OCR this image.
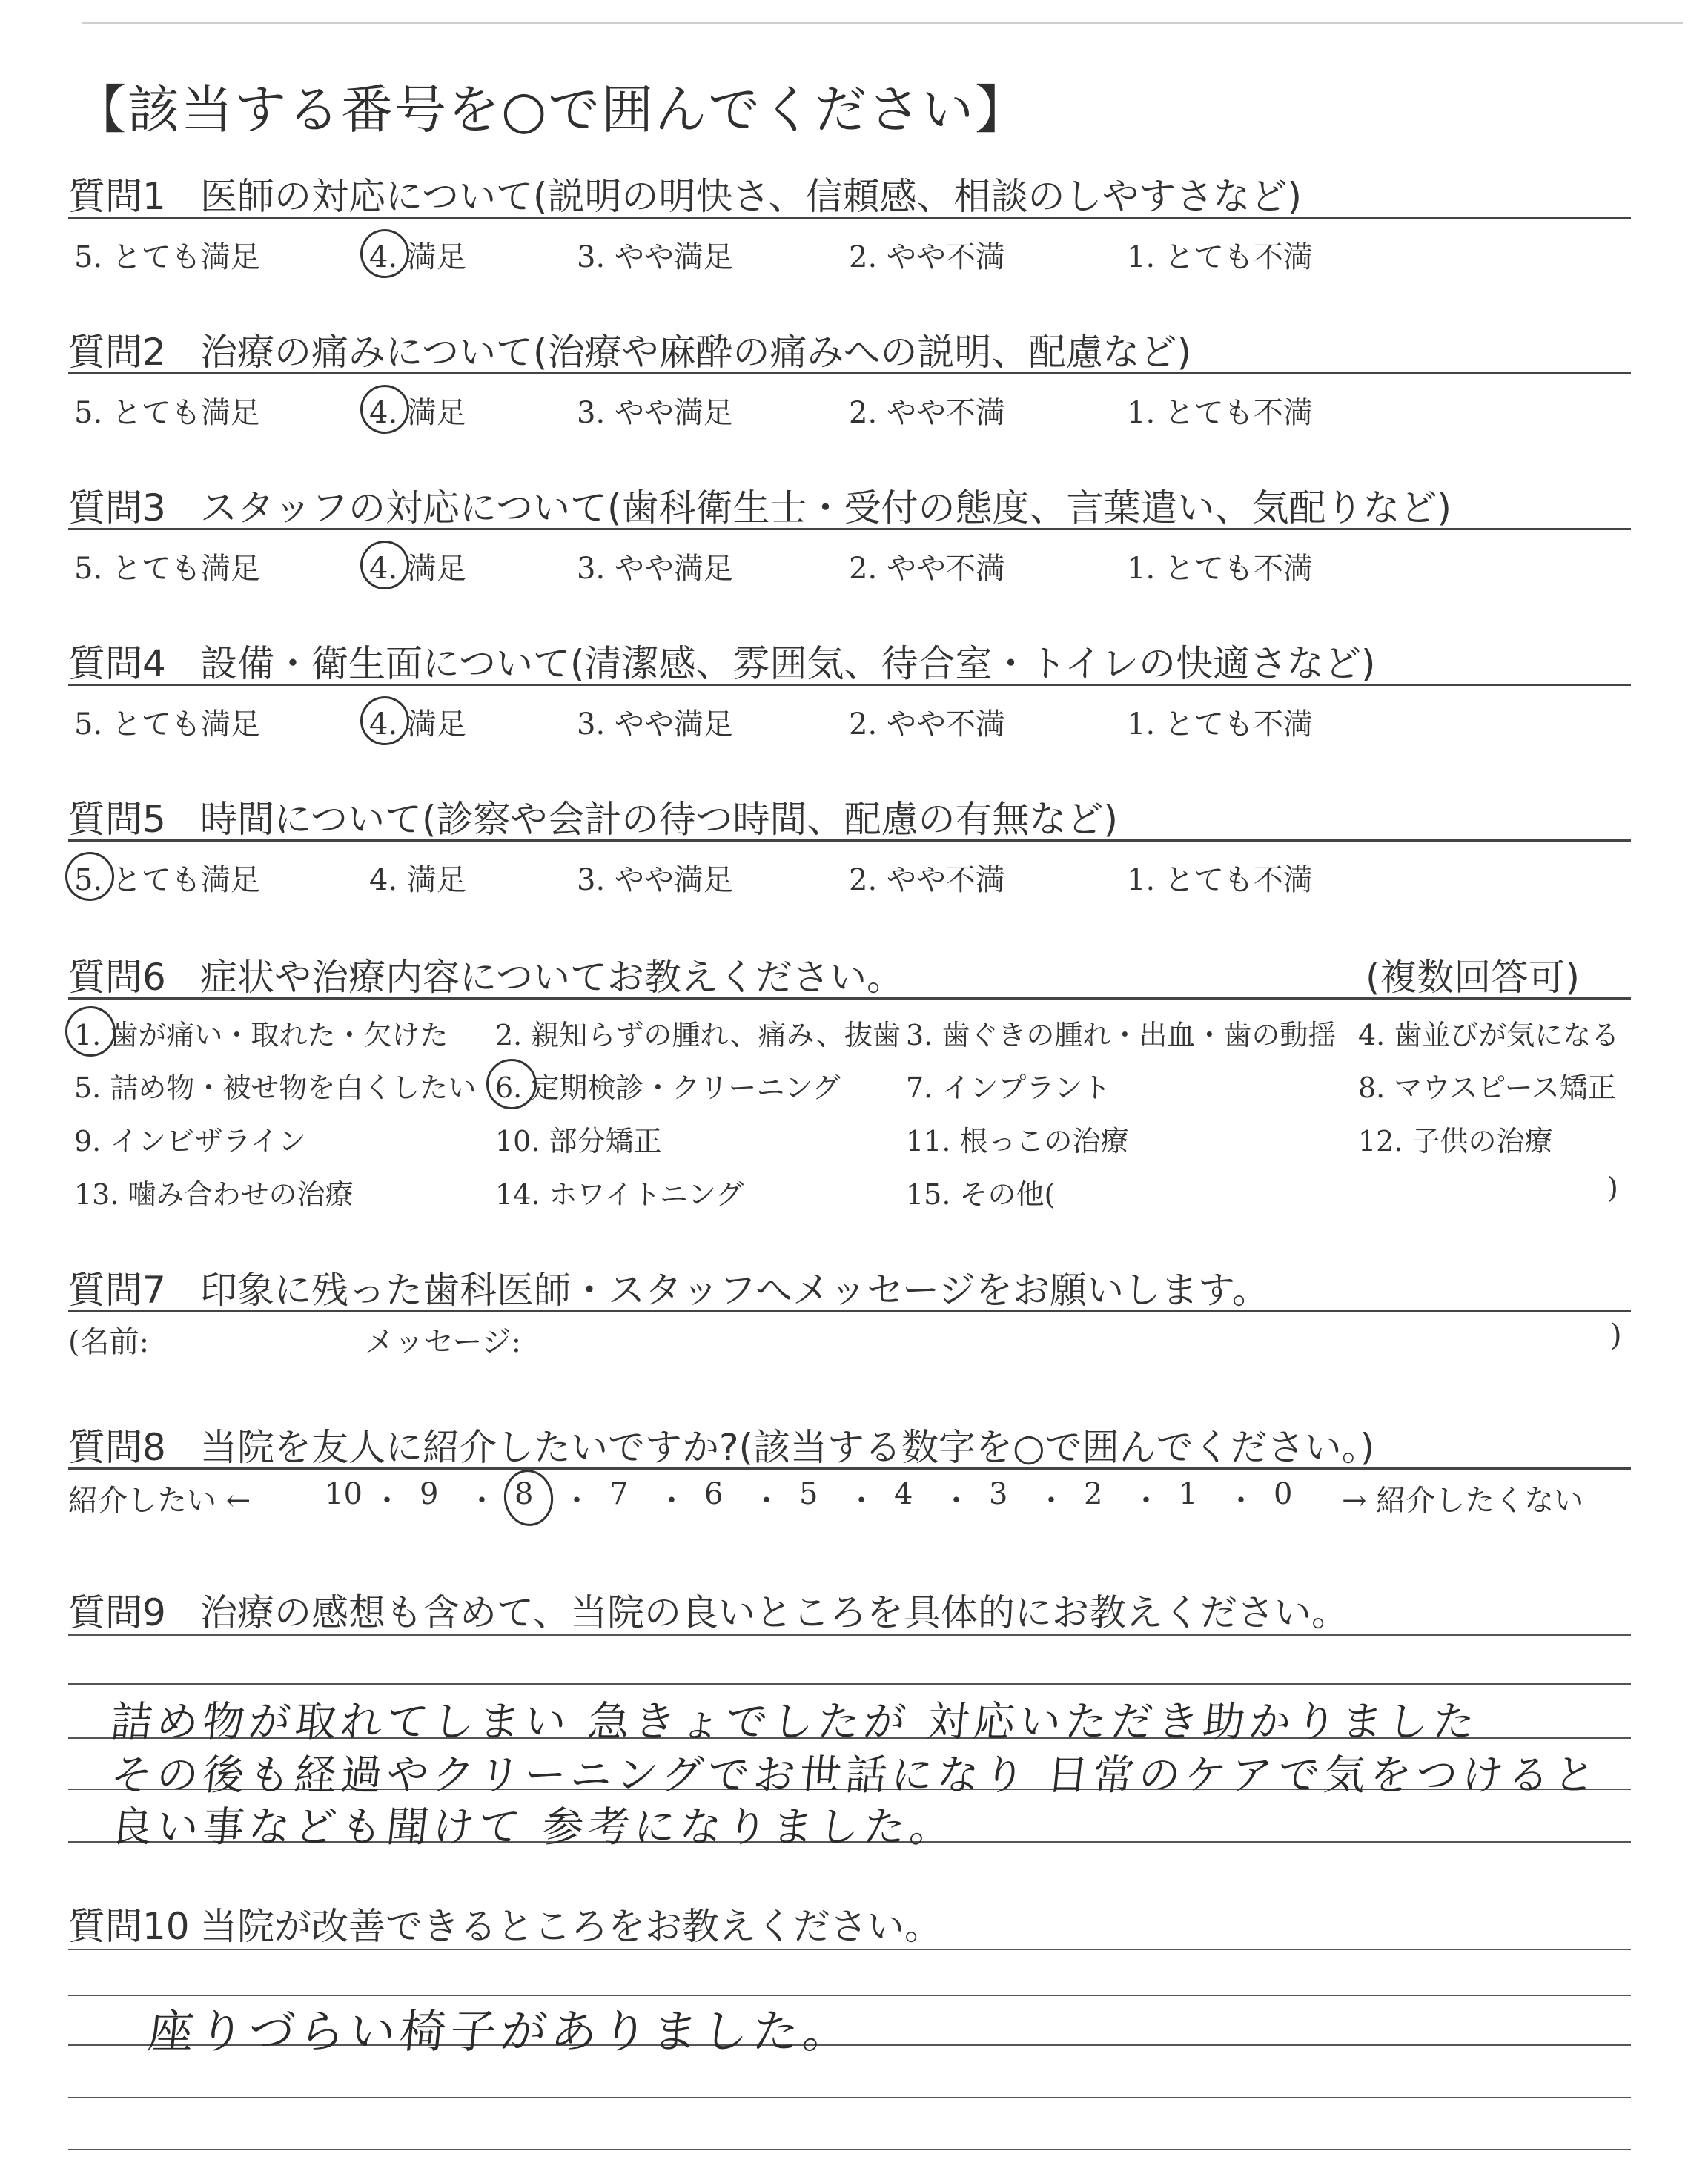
【該当する番号を○で囲んでください】
質問1 医師の対応について(説明の明快さ、信頼感、相談のしやすさなど)
5. とても満足	4. 満足	3. やや満足	2. やや不満	1. とても不満
質問2 治療の痛みについて(治療や麻酔の痛みへの説明、配慮など)
5. とても満足	4. 満足	3. やや満足	2. やや不満	1. とても不満
質問3 スタッフの対応について(歯科衛生士・受付の態度、言葉遣い、気配りなど)
5. とても満足	4. 満足	3. やや満足	2. やや不満	1. とても不満
質問4 設備・衛生面について(清潔感、雰囲気、待合室・トイレの快適さなど)
5. とても満足	4. 満足	3. やや満足	2. やや不満	1. とても不満
質問5 時間について(診察や会計の待つ時間、配慮の有無など)
5. とても満足	4. 満足	3. やや満足	2. やや不満	1. とても不満
質問6 症状や治療内容についてお教えください。	(複数回答可)
1. 歯が痛い・取れた・欠けた 2. 親知らずの腫れ、痛み、抜歯 3. 歯ぐきの腫れ・出血・歯の動揺 4. 歯並びが気になる
5. 詰め物・被せ物を白くしたい 6. 定期検診・クリーニング 7. インプラント	8. マウスピース矯正
9. インビザライン	10. 部分矯正	11. 根っこの治療	12. 子供の治療
13. 噛み合わせの治療	14. ホワイトニング	15. その他(	)
質問7 印象に残った歯科医師・スタッフへメッセージをお願いします。
(名前:	メッセージ:	)
質問8 当院を友人に紹介したいですか?(該当する数字を○で囲んでください。)
紹介したい ←	→ 紹介したくない
10 ・ 9 ・ 8 ・ 7 ・ 6 ・ 5 ・ 4 ・ 3 ・ 2 ・ 1 ・ 0
質問9 治療の感想も含めて、当院の良いところを具体的にお教えください。
詰め物が取れてしまい 急きょでしたが 対応いただき助かりました
その後も経過やクリーニングでお世話になり 日常のケアで気をつけると
良い事なども聞けて 参考になりました。
質問10 当院が改善できるところをお教えください。
座りづらい椅子がありました。
